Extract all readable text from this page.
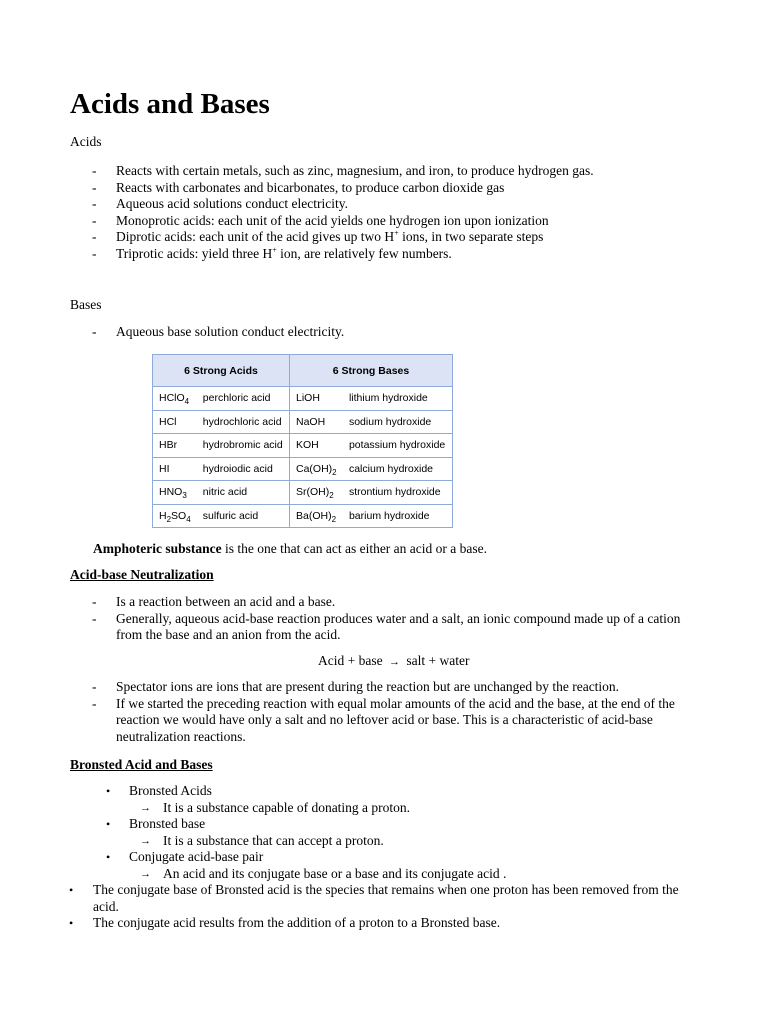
Acids and Bases
Acids
- Reacts with certain metals, such as zinc, magnesium, and iron, to produce hydrogen gas.
- Reacts with carbonates and bicarbonates, to produce carbon dioxide gas
- Aqueous acid solutions conduct electricity.
- Monoprotic acids: each unit of the acid yields one hydrogen ion upon ionization
- Diprotic acids: each unit of the acid gives up two H+ ions, in two separate steps
- Triprotic acids: yield three H+ ion, are relatively few numbers.
Bases
- Aqueous base solution conduct electricity.
6 Strong Acids		6 Strong Bases	
HClO$_4$	perchloric acid	LiOH	lithium hydroxide
HCl	hydrochloric acid	NaOH	sodium hydroxide
HBr	hydrobromic acid	KOH	potassium hydroxide
HI	hydroiodic acid	$Ca(OH)_2$	calcium hydroxide
$HNO_3$	nitric acid	$Sr(OH)_2$	strontium hydroxide
$H_2SO_4$	sulfuric acid	$Ba(OH)_2$	barium hydroxide
Amphoteric substance is the one that can act as either an acid or a base.
Acid-base Neutralization
- Is a reaction between an acid and a base.
- Generally, aqueous acid-base reaction produces water and a salt, an ionic compound made up of a cation from the base and an anion from the acid.
Acid + base → salt + water
- Spectator ions are ions that are present during the reaction but are unchanged by the reaction.
- If we started the preceding reaction with equal molar amounts of the acid and the base, at the end of the reaction we would have only a salt and no leftover acid or base. This is a characteristic of acid-base neutralization reactions.
Bronsted Acid and Bases
• Bronsted Acids
→ It is a substance capable of donating a proton.
• Bronsted base
→ It is a substance that can accept a proton.
• Conjugate acid-base pair
→ An acid and its conjugate base or a base and its conjugate acid .
• The conjugate base of Bronsted acid is the species that remains when one proton has been removed from the acid.
• The conjugate acid results from the addition of a proton to a Bronsted base.
